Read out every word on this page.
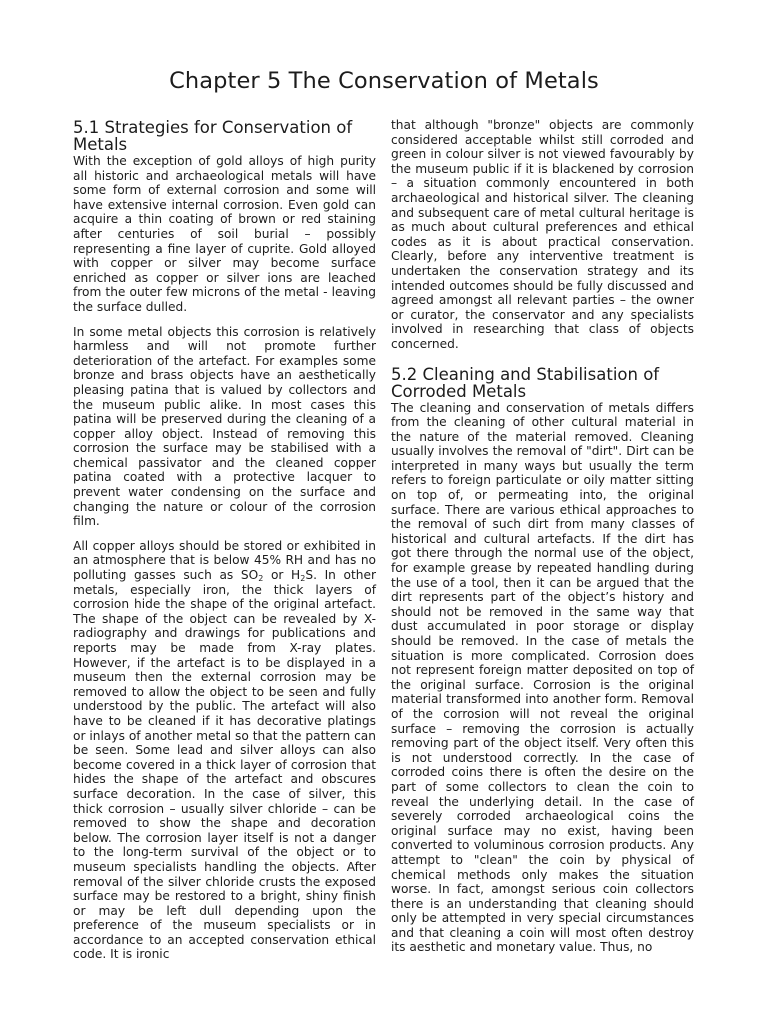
Chapter 5 The Conservation of Metals
5.1 Strategies for Conservation of Metals

With the exception of gold alloys of high purity all historic and archaeological metals will have some form of external corrosion and some will have extensive internal corrosion. Even gold can acquire a thin coating of brown or red staining after centuries of soil burial – possibly representing a fine layer of cuprite. Gold alloyed with copper or silver may become surface enriched as copper or silver ions are leached from the outer few microns of the metal - leaving the surface dulled.

In some metal objects this corrosion is relatively harmless and will not promote further deterioration of the artefact. For examples some bronze and brass objects have an aesthetically pleasing patina that is valued by collectors and the museum public alike. In most cases this patina will be preserved during the cleaning of a copper alloy object. Instead of removing this corrosion the surface may be stabilised with a chemical passivator and the cleaned copper patina coated with a protective lacquer to prevent water condensing on the surface and changing the nature or colour of the corrosion film.

All copper alloys should be stored or exhibited in an atmosphere that is below 45% RH and has no polluting gasses such as $SO_2$ or $H_2S$. In other metals, especially iron, the thick layers of corrosion hide the shape of the original artefact. The shape of the object can be revealed by X-radiography and drawings for publications and reports may be made from X-ray plates. However, if the artefact is to be displayed in a museum then the external corrosion may be removed to allow the object to be seen and fully understood by the public. The artefact will also have to be cleaned if it has decorative platings or inlays of another metal so that the pattern can be seen. Some lead and silver alloys can also become covered in a thick layer of corrosion that hides the shape of the artefact and obscures surface decoration. In the case of silver, this thick corrosion – usually silver chloride – can be removed to show the shape and decoration below. The corrosion layer itself is not a danger to the long-term survival of the object or to museum specialists handling the objects. After removal of the silver chloride crusts the exposed surface may be restored to a bright, shiny finish or may be left dull depending upon the preference of the museum specialists or in accordance to an accepted conservation ethical code. It is ironic

that although "bronze" objects are commonly considered acceptable whilst still corroded and green in colour silver is not viewed favourably by the museum public if it is blackened by corrosion – a situation commonly encountered in both archaeological and historical silver. The cleaning and subsequent care of metal cultural heritage is as much about cultural preferences and ethical codes as it is about practical conservation. Clearly, before any interventive treatment is undertaken the conservation strategy and its intended outcomes should be fully discussed and agreed amongst all relevant parties – the owner or curator, the conservator and any specialists involved in researching that class of objects concerned.

5.2 Cleaning and Stabilisation of Corroded Metals

The cleaning and conservation of metals differs from the cleaning of other cultural material in the nature of the material removed. Cleaning usually involves the removal of "dirt". Dirt can be interpreted in many ways but usually the term refers to foreign particulate or oily matter sitting on top of, or permeating into, the original surface. There are various ethical approaches to the removal of such dirt from many classes of historical and cultural artefacts. If the dirt has got there through the normal use of the object, for example grease by repeated handling during the use of a tool, then it can be argued that the dirt represents part of the object’s history and should not be removed in the same way that dust accumulated in poor storage or display should be removed. In the case of metals the situation is more complicated. Corrosion does not represent foreign matter deposited on top of the original surface. Corrosion is the original material transformed into another form. Removal of the corrosion will not reveal the original surface – removing the corrosion is actually removing part of the object itself. Very often this is not understood correctly. In the case of corroded coins there is often the desire on the part of some collectors to clean the coin to reveal the underlying detail. In the case of severely corroded archaeological coins the original surface may no exist, having been converted to voluminous corrosion products. Any attempt to "clean" the coin by physical of chemical methods only makes the situation worse. In fact, amongst serious coin collectors there is an understanding that cleaning should only be attempted in very special circumstances and that cleaning a coin will most often destroy its aesthetic and monetary value. Thus, no
